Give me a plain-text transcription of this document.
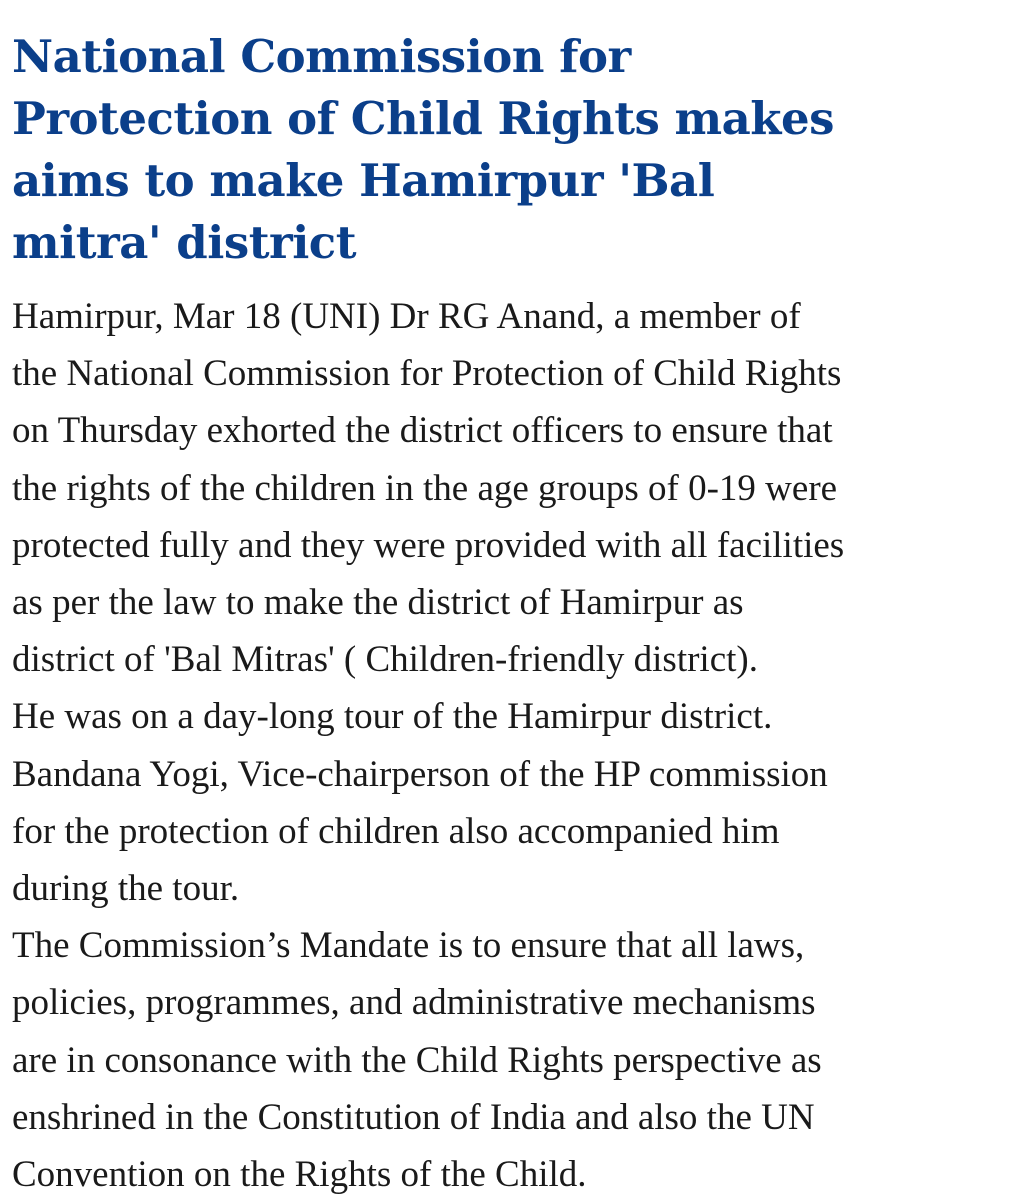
National Commission for
Protection of Child Rights makes
aims to make Hamirpur 'Bal
mitra' district
Hamirpur, Mar 18 (UNI) Dr RG Anand, a member of
the National Commission for Protection of Child Rights
on Thursday exhorted the district officers to ensure that
the rights of the children in the age groups of 0-19 were
protected fully and they were provided with all facilities
as per the law to make the district of Hamirpur as
district of 'Bal Mitras' ( Children-friendly district).
He was on a day-long tour of the Hamirpur district.
Bandana Yogi, Vice-chairperson of the HP commission
for the protection of children also accompanied him
during the tour.
The Commission’s Mandate is to ensure that all laws,
policies, programmes, and administrative mechanisms
are in consonance with the Child Rights perspective as
enshrined in the Constitution of India and also the UN
Convention on the Rights of the Child.
